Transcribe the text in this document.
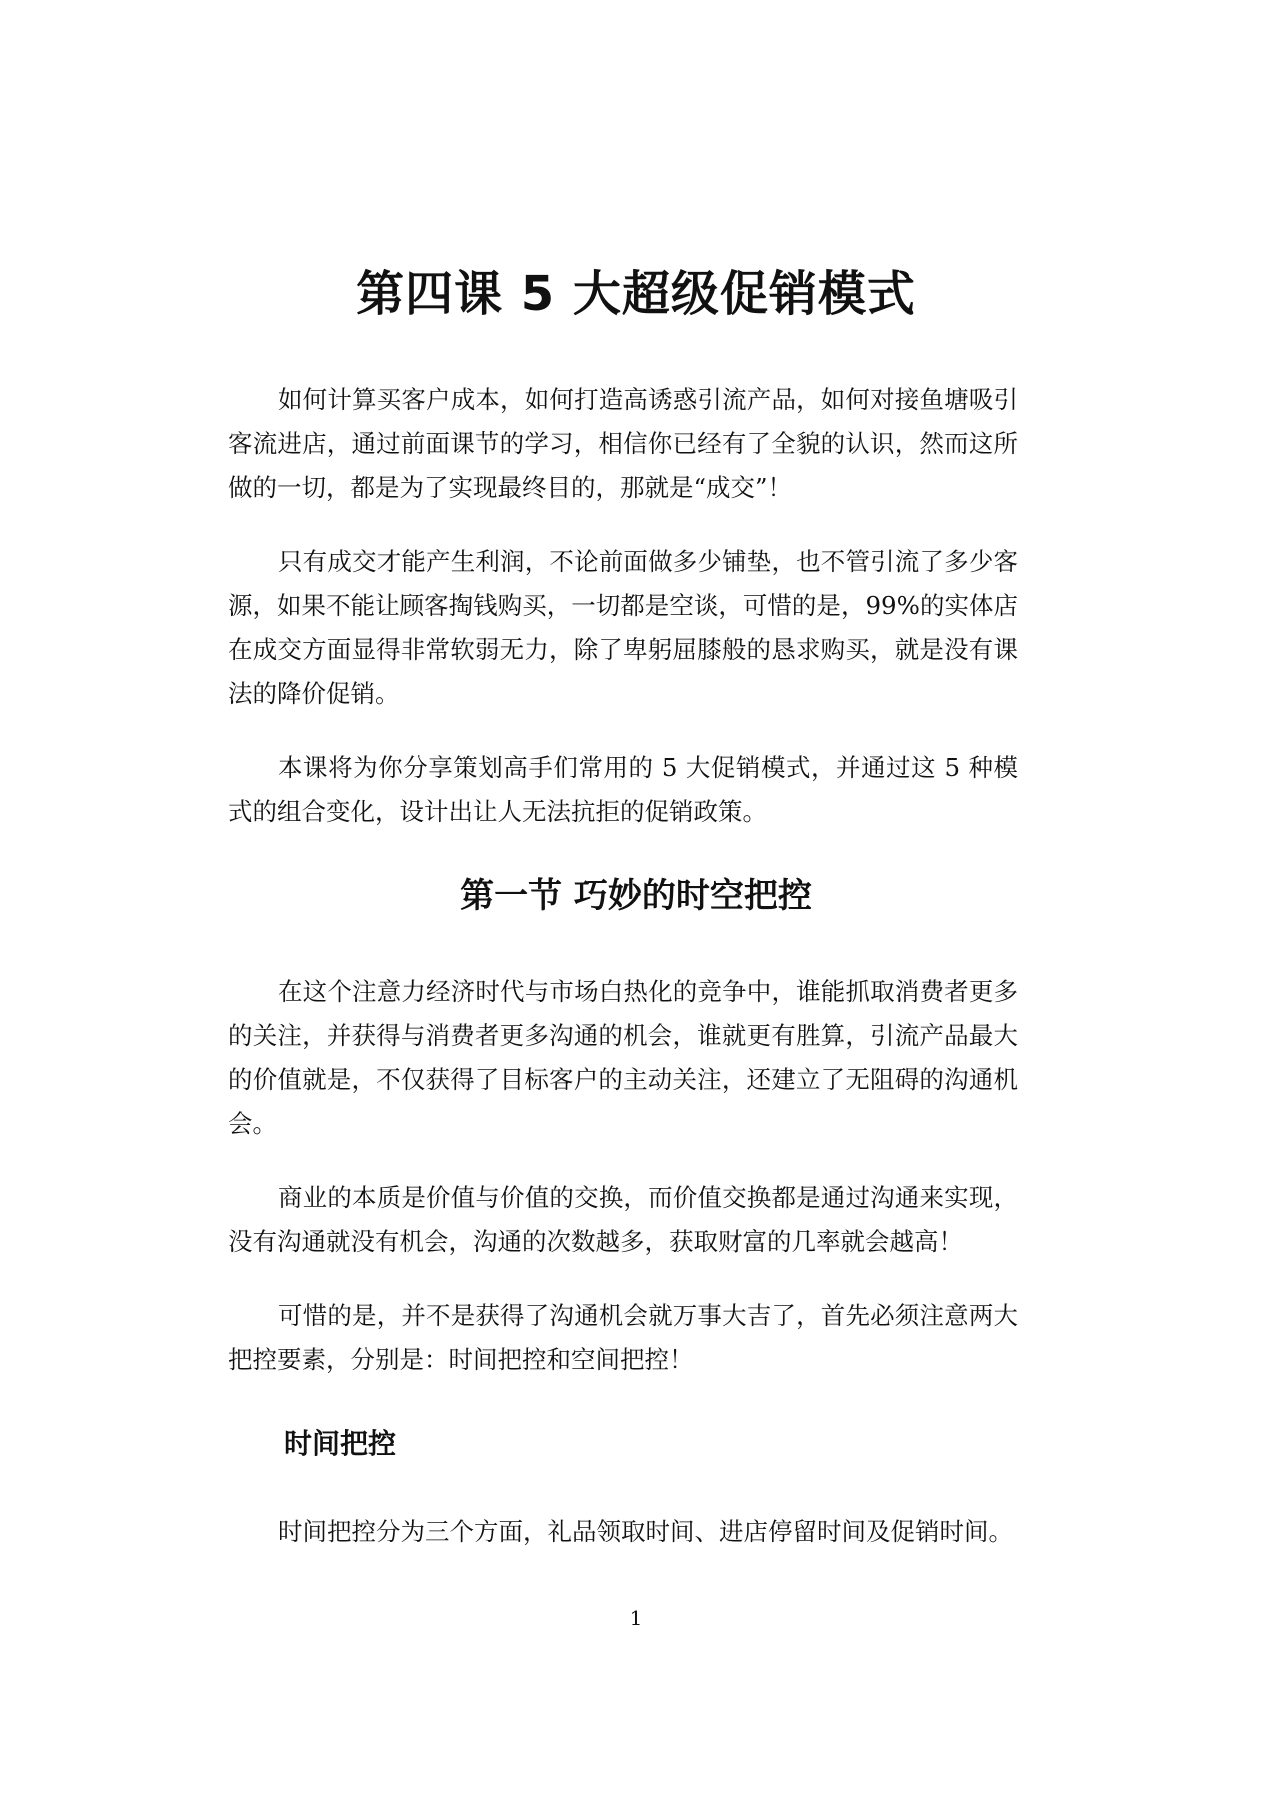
第四课 5 大超级促销模式

如何计算买客户成本，如何打造高诱惑引流产品，如何对接鱼塘吸引客流进店，通过前面课节的学习，相信你已经有了全貌的认识，然而这所做的一切，都是为了实现最终目的，那就是“成交”！

只有成交才能产生利润，不论前面做多少铺垫，也不管引流了多少客源，如果不能让顾客掏钱购买，一切都是空谈，可惜的是，99%的实体店在成交方面显得非常软弱无力，除了卑躬屈膝般的恳求购买，就是没有课法的降价促销。

本课将为你分享策划高手们常用的 5 大促销模式，并通过这 5 种模式的组合变化，设计出让人无法抗拒的促销政策。

第一节 巧妙的时空把控

在这个注意力经济时代与市场白热化的竞争中，谁能抓取消费者更多的关注，并获得与消费者更多沟通的机会，谁就更有胜算，引流产品最大的价值就是，不仅获得了目标客户的主动关注，还建立了无阻碍的沟通机会。

商业的本质是价值与价值的交换，而价值交换都是通过沟通来实现，没有沟通就没有机会，沟通的次数越多，获取财富的几率就会越高！

可惜的是，并不是获得了沟通机会就万事大吉了，首先必须注意两大把控要素，分别是：时间把控和空间把控！

时间把控

时间把控分为三个方面，礼品领取时间、进店停留时间及促销时间。

1
